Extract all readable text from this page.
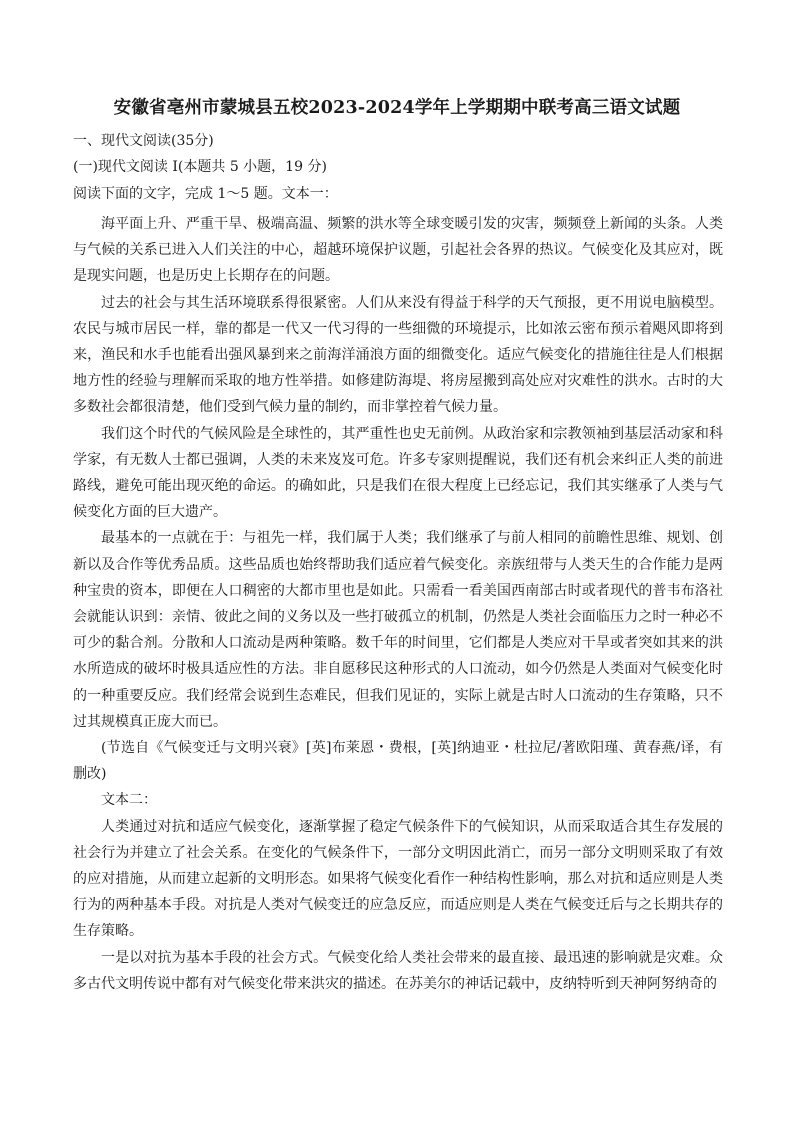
安徽省亳州市蒙城县五校2023-2024学年上学期期中联考高三语文试题
一、现代文阅读(35分)
(一)现代文阅读 I(本题共 5 小题，19 分)
阅读下面的文字，完成 1～5 题。文本一：

海平面上升、严重干旱、极端高温、频繁的洪水等全球变暖引发的灾害，频频登上新闻的头条。人类与气候的关系已进入人们关注的中心，超越环境保护议题，引起社会各界的热议。气候变化及其应对，既是现实问题，也是历史上长期存在的问题。

过去的社会与其生活环境联系得很紧密。人们从来没有得益于科学的天气预报，更不用说电脑模型。农民与城市居民一样，靠的都是一代又一代习得的一些细微的环境提示，比如浓云密布预示着飓风即将到来，渔民和水手也能看出强风暴到来之前海洋涌浪方面的细微变化。适应气候变化的措施往往是人们根据地方性的经验与理解而采取的地方性举措。如修建防海堤、将房屋搬到高处应对灾难性的洪水。古时的大多数社会都很清楚，他们受到气候力量的制约，而非掌控着气候力量。

我们这个时代的气候风险是全球性的，其严重性也史无前例。从政治家和宗教领袖到基层活动家和科学家，有无数人士都已强调，人类的未来岌岌可危。许多专家则提醒说，我们还有机会来纠正人类的前进路线，避免可能出现灭绝的命运。的确如此，只是我们在很大程度上已经忘记，我们其实继承了人类与气候变化方面的巨大遗产。

最基本的一点就在于：与祖先一样，我们属于人类；我们继承了与前人相同的前瞻性思维、规划、创新以及合作等优秀品质。这些品质也始终帮助我们适应着气候变化。亲族纽带与人类天生的合作能力是两种宝贵的资本，即便在人口稠密的大都市里也是如此。只需看一看美国西南部古时或者现代的普韦布洛社会就能认识到：亲情、彼此之间的义务以及一些打破孤立的机制，仍然是人类社会面临压力之时一种必不可少的黏合剂。分散和人口流动是两种策略。数千年的时间里，它们都是人类应对干旱或者突如其来的洪水所造成的破坏时极具适应性的方法。非自愿移民这种形式的人口流动，如今仍然是人类面对气候变化时的一种重要反应。我们经常会说到生态难民，但我们见证的，实际上就是古时人口流动的生存策略，只不过其规模真正庞大而已。

(节选自《气候变迁与文明兴衰》[英]布莱恩・费根，[英]纳迪亚・杜拉尼/著欧阳瑾、黄春燕/译，有删改)

文本二：

人类通过对抗和适应气候变化，逐渐掌握了稳定气候条件下的气候知识，从而采取适合其生存发展的社会行为并建立了社会关系。在变化的气候条件下，一部分文明因此消亡，而另一部分文明则采取了有效的应对措施，从而建立起新的文明形态。如果将气候变化看作一种结构性影响，那么对抗和适应则是人类行为的两种基本手段。对抗是人类对气候变迁的应急反应，而适应则是人类在气候变迁后与之长期共存的生存策略。

一是以对抗为基本手段的社会方式。气候变化给人类社会带来的最直接、最迅速的影响就是灾难。众多古代文明传说中都有对气候变化带来洪灾的描述。在苏美尔的神话记载中，皮纳特听到天神阿努纳奇的
